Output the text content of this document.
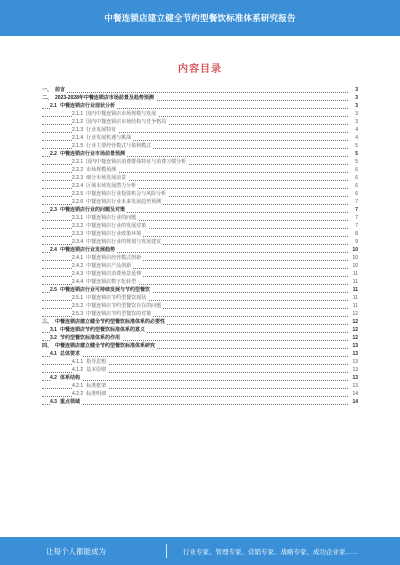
中餐连锁店建立健全节约型餐饮标准体系研究报告
内容目录
一、 前言	3
二、 2023-2028年中餐连锁店市场前景及趋势预测	3
2.1 中餐连锁店行业现状分析	3
2.1.1 国内中餐连锁店市场规模与发展	3
2.1.2 国内中餐连锁店市场结构与竞争格局	3
2.1.3 行业发展特征	4
2.1.4 行业发展机遇与挑战	4
2.1.5 行业主要经营模式与盈利模式	5
2.2 中餐连锁店行业市场前景预测	5
2.2.1 国内中餐连锁店消费群体特征与消费习惯分析	5
2.2.2 市场规模预测	6
2.2.3 细分市场发展前景	6
2.2.4 区域市场发展潜力分析	6
2.2.5 中餐连锁店行业投资机会与风险分析	6
2.2.6 中餐连锁店行业未来发展趋势预测	7
2.3 中餐连锁店行业的问题及对策	7
2.3.1 中餐连锁店行业的问题	7
2.3.2 中餐连锁店行业的发展对策	7
2.3.3 中餐连锁店行业政策环境	8
2.3.4 中餐连锁店行业的规划与发展建议	9
2.4 中餐连锁店行业发展趋势	10
2.4.1 中餐连锁店经营模式创新	10
2.4.2 中餐连锁店产品创新	10
2.4.3 中餐连锁店消费场景延伸	11
2.4.4 中餐连锁店数字化转型	11
2.5 中餐连锁店行业可持续发展与节约型餐饮	11
2.5.1 中餐连锁店节约型餐饮现状	11
2.5.2 中餐连锁店节约型餐饮存在的问题	11
2.5.3 中餐连锁店节约型餐饮的对策	12
三、 中餐连锁店建立健全节约型餐饮标准体系的必要性	12
3.1 中餐连锁店节约型餐饮标准体系的意义	12
3.2 节约型餐饮标准体系的作用	12
四、 中餐连锁店建立健全节约型餐饮标准体系研究	13
4.1 总体要求	13
4.1.1 指导思想	13
4.1.2 基本原则	13
4.2 体系结构	13
4.2.1 标准框架	13
4.2.2 标准明细	14
4.3 重点领域	14
让每个人都能成为	行业专家、管理专家、营销专家、战略专家、成功企业家……
